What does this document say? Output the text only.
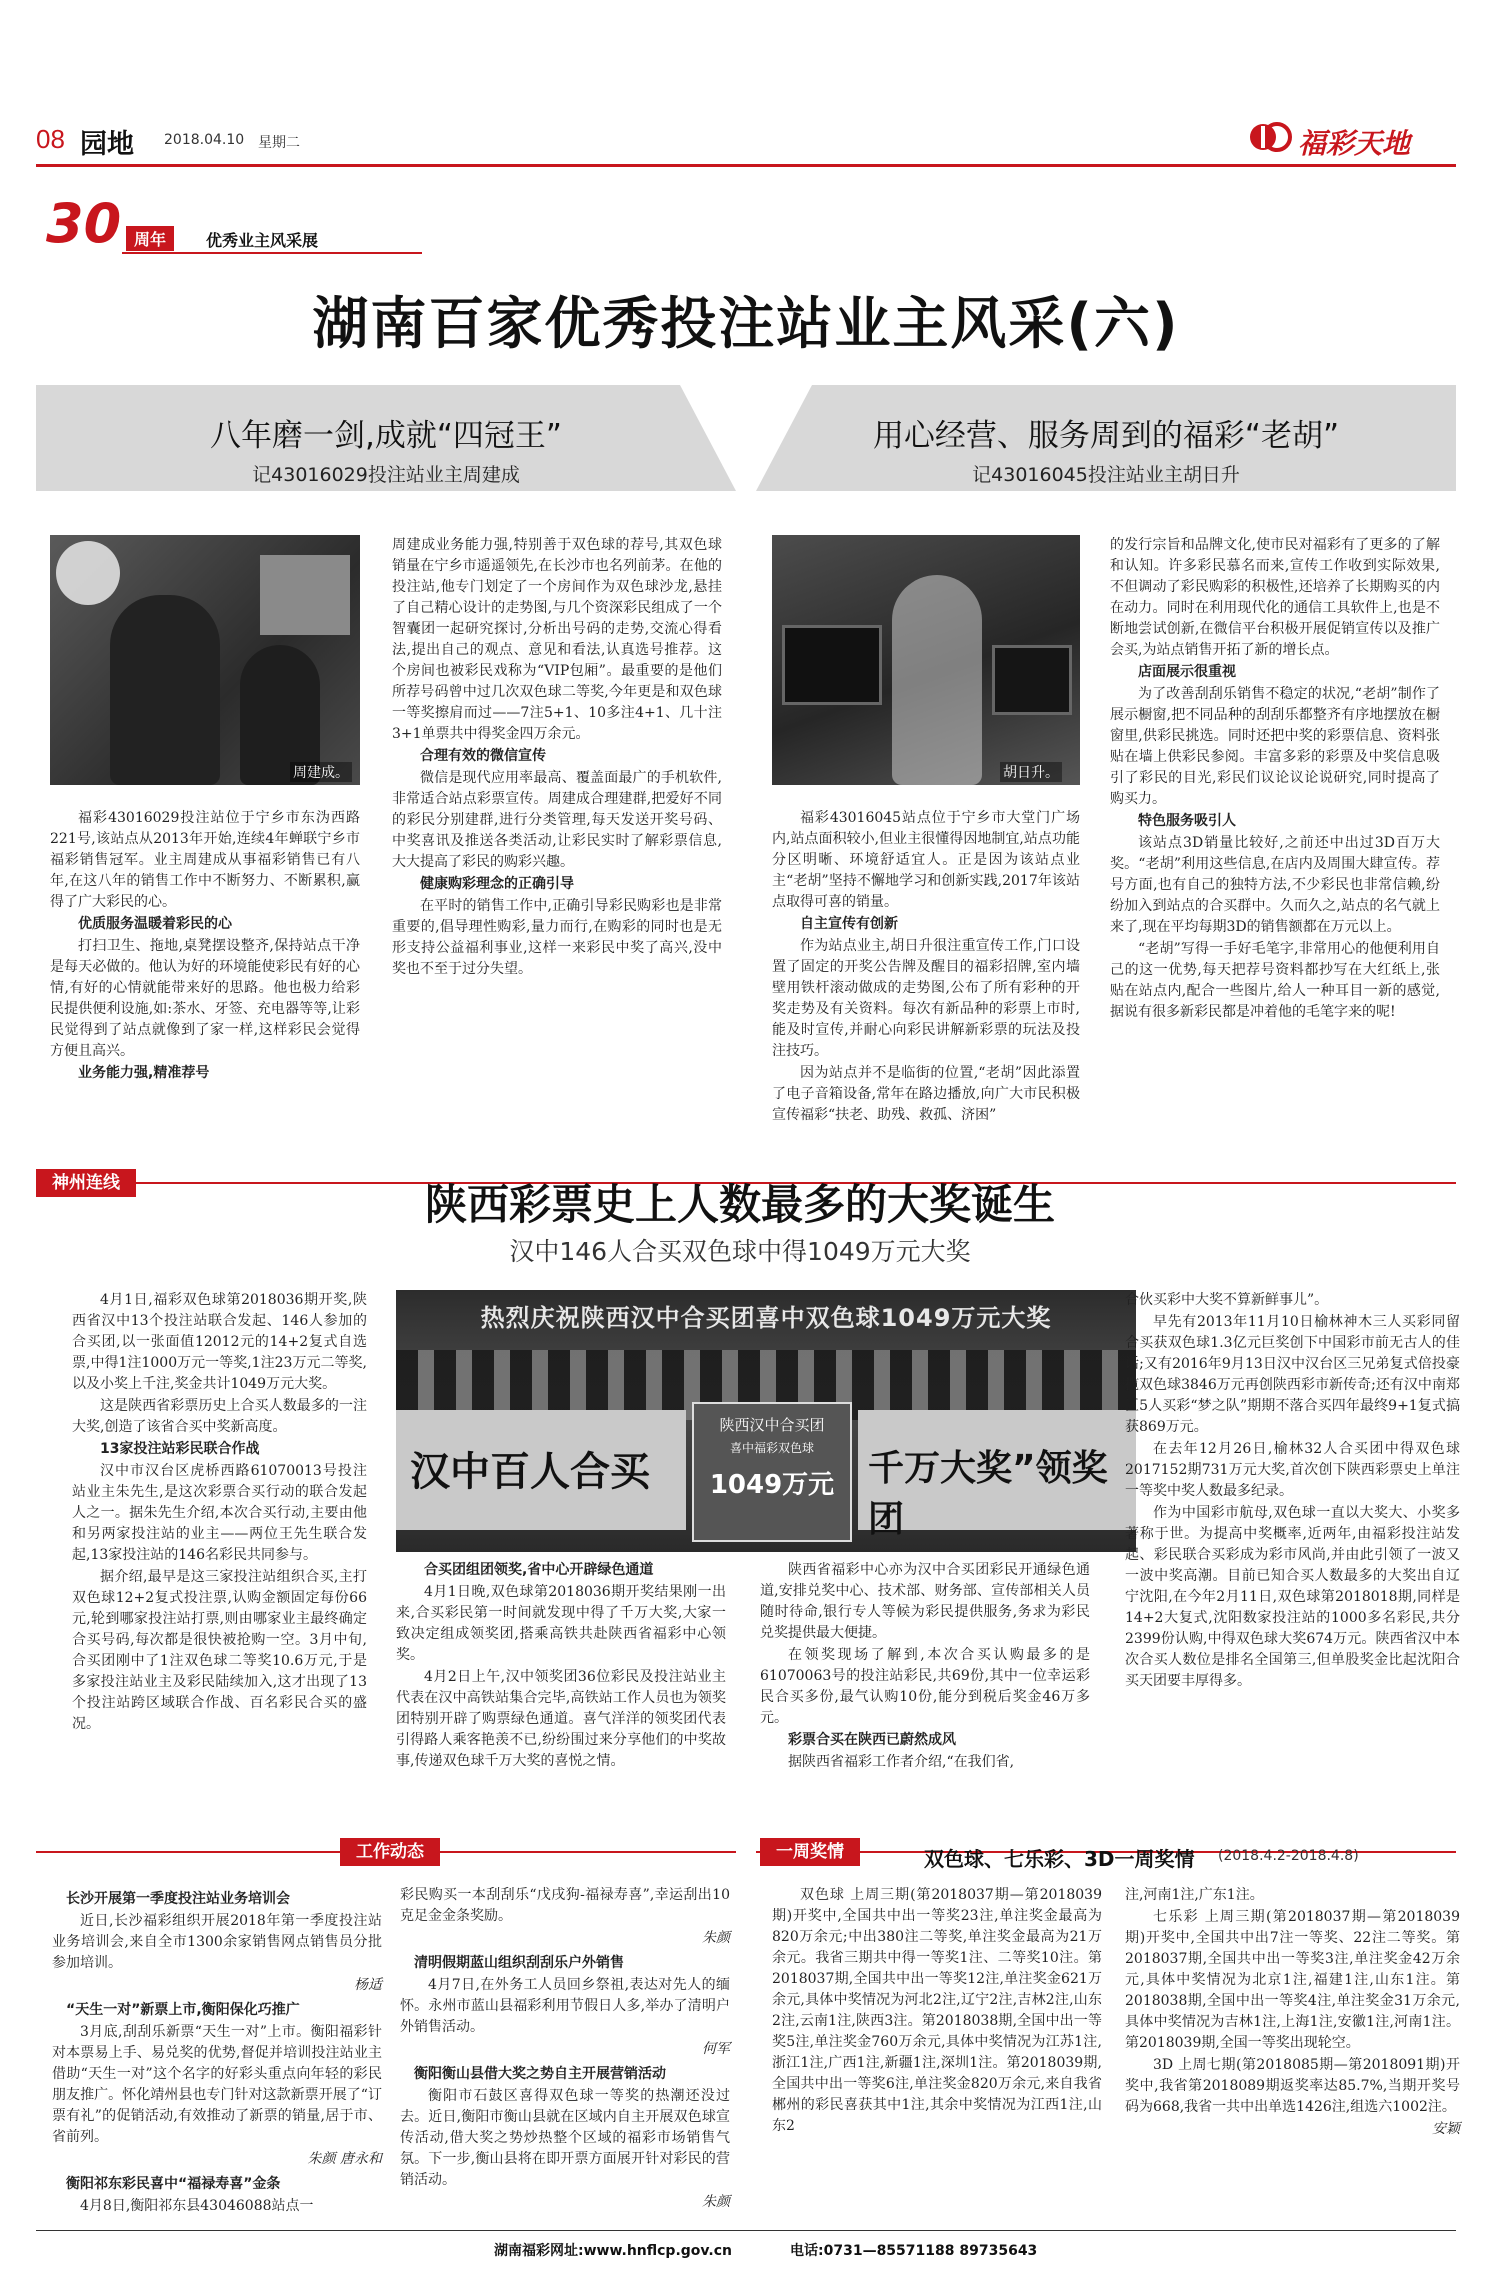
08 园地 2018.04.10 星期二	福彩天地
30 周年	优秀业主风采展
湖南百家优秀投注站业主风采(六)
八年磨一剑,成就“四冠王”
记43016029投注站业主周建成
用心经营、服务周到的福彩“老胡”
记43016045投注站业主胡日升
周建成。

福彩43016029投注站位于宁乡市东沩西路221号,该站点从2013年开始,连续4年蝉联宁乡市福彩销售冠军。业主周建成从事福彩销售已有八年,在这八年的销售工作中不断努力、不断累积,赢得了广大彩民的心。

优质服务温暖着彩民的心

打扫卫生、拖地,桌凳摆设整齐,保持站点干净是每天必做的。他认为好的环境能使彩民有好的心情,有好的心情就能带来好的思路。他也极力给彩民提供便利设施,如:茶水、牙签、充电器等等,让彩民觉得到了站点就像到了家一样,这样彩民会觉得方便且高兴。

业务能力强,精准荐号

周建成业务能力强,特别善于双色球的荐号,其双色球销量在宁乡市遥遥领先,在长沙市也名列前茅。在他的投注站,他专门划定了一个房间作为双色球沙龙,悬挂了自己精心设计的走势图,与几个资深彩民组成了一个智囊团一起研究探讨,分析出号码的走势,交流心得看法,提出自己的观点、意见和看法,认真选号推荐。这个房间也被彩民戏称为“VIP包厢”。最重要的是他们所荐号码曾中过几次双色球二等奖,今年更是和双色球一等奖擦肩而过——7注5+1、10多注4+1、几十注3+1单票共中得奖金四万余元。

合理有效的微信宣传

微信是现代应用率最高、覆盖面最广的手机软件,非常适合站点彩票宣传。周建成合理建群,把爱好不同的彩民分别建群,进行分类管理,每天发送开奖号码、中奖喜讯及推送各类活动,让彩民实时了解彩票信息,大大提高了彩民的购彩兴趣。

健康购彩理念的正确引导

在平时的销售工作中,正确引导彩民购彩也是非常重要的,倡导理性购彩,量力而行,在购彩的同时也是无形支持公益福利事业,这样一来彩民中奖了高兴,没中奖也不至于过分失望。

胡日升。

福彩43016045站点位于宁乡市大堂门广场内,站点面积较小,但业主很懂得因地制宜,站点功能分区明晰、环境舒适宜人。正是因为该站点业主“老胡”坚持不懈地学习和创新实践,2017年该站点取得可喜的销量。

自主宣传有创新

作为站点业主,胡日升很注重宣传工作,门口设置了固定的开奖公告牌及醒目的福彩招牌,室内墙壁用铁杆滚动做成的走势图,公布了所有彩种的开奖走势及有关资料。每次有新品种的彩票上市时,能及时宣传,并耐心向彩民讲解新彩票的玩法及投注技巧。

因为站点并不是临街的位置,“老胡”因此添置了电子音箱设备,常年在路边播放,向广大市民积极宣传福彩“扶老、助残、救孤、济困”

的发行宗旨和品牌文化,使市民对福彩有了更多的了解和认知。许多彩民慕名而来,宣传工作收到实际效果,不但调动了彩民购彩的积极性,还培养了长期购买的内在动力。同时在利用现代化的通信工具软件上,也是不断地尝试创新,在微信平台积极开展促销宣传以及推广会买,为站点销售开拓了新的增长点。

店面展示很重视

为了改善刮刮乐销售不稳定的状况,“老胡”制作了展示橱窗,把不同品种的刮刮乐都整齐有序地摆放在橱窗里,供彩民挑选。同时还把中奖的彩票信息、资料张贴在墙上供彩民参阅。丰富多彩的彩票及中奖信息吸引了彩民的目光,彩民们议论议论说研究,同时提高了购买力。

特色服务吸引人

该站点3D销量比较好,之前还中出过3D百万大奖。“老胡”利用这些信息,在店内及周围大肆宣传。荐号方面,也有自己的独特方法,不少彩民也非常信赖,纷纷加入到站点的合买群中。久而久之,站点的名气就上来了,现在平均每期3D的销售额都在万元以上。

“老胡”写得一手好毛笔字,非常用心的他便利用自己的这一优势,每天把荐号资料都抄写在大红纸上,张贴在站点内,配合一些图片,给人一种耳目一新的感觉,据说有很多新彩民都是冲着他的毛笔字来的呢!

神州连线	陕西彩票史上人数最多的大奖诞生
汉中146人合买双色球中得1049万元大奖

4月1日,福彩双色球第2018036期开奖,陕西省汉中13个投注站联合发起、146人参加的合买团,以一张面值12012元的14+2复式自选票,中得1注1000万元一等奖,1注23万元二等奖,以及小奖上千注,奖金共计1049万元大奖。

这是陕西省彩票历史上合买人数最多的一注大奖,创造了该省合买中奖新高度。

13家投注站彩民联合作战

汉中市汉台区虎桥西路61070013号投注站业主朱先生,是这次彩票合买行动的联合发起人之一。据朱先生介绍,本次合买行动,主要由他和另两家投注站的业主——两位王先生联合发起,13家投注站的146名彩民共同参与。

据介绍,最早是这三家投注站组织合买,主打双色球12+2复式投注票,认购金额固定每份66元,轮到哪家投注站打票,则由哪家业主最终确定合买号码,每次都是很快被抢购一空。3月中旬,合买团刚中了1注双色球二等奖10.6万元,于是多家投注站业主及彩民陆续加入,这才出现了13个投注站跨区域联合作战、百名彩民合买的盛况。

热烈庆祝陕西汉中合买团喜中双色球1049万元大奖
汉中百人合买
陕西汉中合买团
喜中福彩双色球
1049万元 千万大奖”领奖团

合买团组团领奖,省中心开辟绿色通道

4月1日晚,双色球第2018036期开奖结果刚一出来,合买彩民第一时间就发现中得了千万大奖,大家一致决定组成领奖团,搭乘高铁共赴陕西省福彩中心领奖。

4月2日上午,汉中领奖团36位彩民及投注站业主代表在汉中高铁站集合完毕,高铁站工作人员也为领奖团特别开辟了购票绿色通道。喜气洋洋的领奖团代表引得路人乘客艳羡不已,纷纷围过来分享他们的中奖故事,传递双色球千万大奖的喜悦之情。

陕西省福彩中心亦为汉中合买团彩民开通绿色通道,安排兑奖中心、技术部、财务部、宣传部相关人员随时待命,银行专人等候为彩民提供服务,务求为彩民兑奖提供最大便捷。

在领奖现场了解到,本次合买认购最多的是61070063号的投注站彩民,共69份,其中一位幸运彩民合买多份,最气认购10份,能分到税后奖金46万多元。

彩票合买在陕西已蔚然成风

据陕西省福彩工作者介绍,“在我们省,

合伙买彩中大奖不算新鲜事儿”。

早先有2013年11月10日榆林神木三人买彩同留合买获双色球1.3亿元巨奖创下中国彩市前无古人的佳话;又有2016年9月13日汉中汉台区三兄弟复式倍投豪揽双色球3846万元再创陕西彩市新传奇;还有汉中南郑区5人买彩“梦之队”期期不落合买四年最终9+1复式搞获869万元。

在去年12月26日,榆林32人合买团中得双色球2017152期731万元大奖,首次创下陕西彩票史上单注一等奖中奖人数最多纪录。

作为中国彩市航母,双色球一直以大奖大、小奖多著称于世。为提高中奖概率,近两年,由福彩投注站发起、彩民联合买彩成为彩市风尚,并由此引领了一波又一波中奖高潮。目前已知合买人数最多的大奖出自辽宁沈阳,在今年2月11日,双色球第2018018期,同样是14+2大复式,沈阳数家投注站的1000多名彩民,共分2399份认购,中得双色球大奖674万元。陕西省汉中本次合买人数位是排名全国第三,但单股奖金比起沈阳合买天团要丰厚得多。

工作动态

长沙开展第一季度投注站业务培训会

近日,长沙福彩组织开展2018年第一季度投注站业务培训会,来自全市1300余家销售网点销售员分批参加培训。

杨适

“天生一对”新票上市,衡阳保化巧推广

3月底,刮刮乐新票“天生一对”上市。衡阳福彩针对本票易上手、易兑奖的优势,督促并培训投注站业主借助“天生一对”这个名字的好彩头重点向年轻的彩民朋友推广。怀化靖州县也专门针对这款新票开展了“订票有礼”的促销活动,有效推动了新票的销量,居于市、省前列。

朱颜 唐永和

衡阳祁东彩民喜中“福禄寿喜”金条

4月8日,衡阳祁东县43046088站点一

彩民购买一本刮刮乐“戊戌狗-福禄寿喜”,幸运刮出10克足金金条奖励。

朱颜

清明假期蓝山组织刮刮乐户外销售

4月7日,在外务工人员回乡祭祖,表达对先人的缅怀。永州市蓝山县福彩利用节假日人多,举办了清明户外销售活动。

何军

衡阳衡山县借大奖之势自主开展营销活动

衡阳市石鼓区喜得双色球一等奖的热潮还没过去。近日,衡阳市衡山县就在区域内自主开展双色球宣传活动,借大奖之势炒热整个区域的福彩市场销售气氛。下一步,衡山县将在即开票方面展开针对彩民的营销活动。

朱颜

一周奖情	双色球、七乐彩、3D一周奖情 (2018.4.2-2018.4.8)

双色球 上周三期(第2018037期—第2018039期)开奖中,全国共中出一等奖23注,单注奖金最高为820万余元;中出380注二等奖,单注奖金最高为21万余元。我省三期共中得一等奖1注、二等奖10注。第2018037期,全国共中出一等奖12注,单注奖金621万余元,具体中奖情况为河北2注,辽宁2注,吉林2注,山东2注,云南1注,陕西3注。第2018038期,全国中出一等奖5注,单注奖金760万余元,具体中奖情况为江苏1注,浙江1注,广西1注,新疆1注,深圳1注。第2018039期,全国共中出一等奖6注,单注奖金820万余元,来自我省郴州的彩民喜获其中1注,其余中奖情况为江西1注,山东2

注,河南1注,广东1注。

七乐彩 上周三期(第2018037期—第2018039期)开奖中,全国共中出7注一等奖、22注二等奖。第2018037期,全国共中出一等奖3注,单注奖金42万余元,具体中奖情况为北京1注,福建1注,山东1注。第2018038期,全国中出一等奖4注,单注奖金31万余元,具体中奖情况为吉林1注,上海1注,安徽1注,河南1注。第2018039期,全国一等奖出现轮空。

3D 上周七期(第2018085期—第2018091期)开奖中,我省第2018089期返奖率达85.7%,当期开奖号码为668,我省一共中出单选1426注,组选六1002注。

安颖

湖南福彩网址:www.hnflcp.gov.cn	电话:0731—85571188 89735643
